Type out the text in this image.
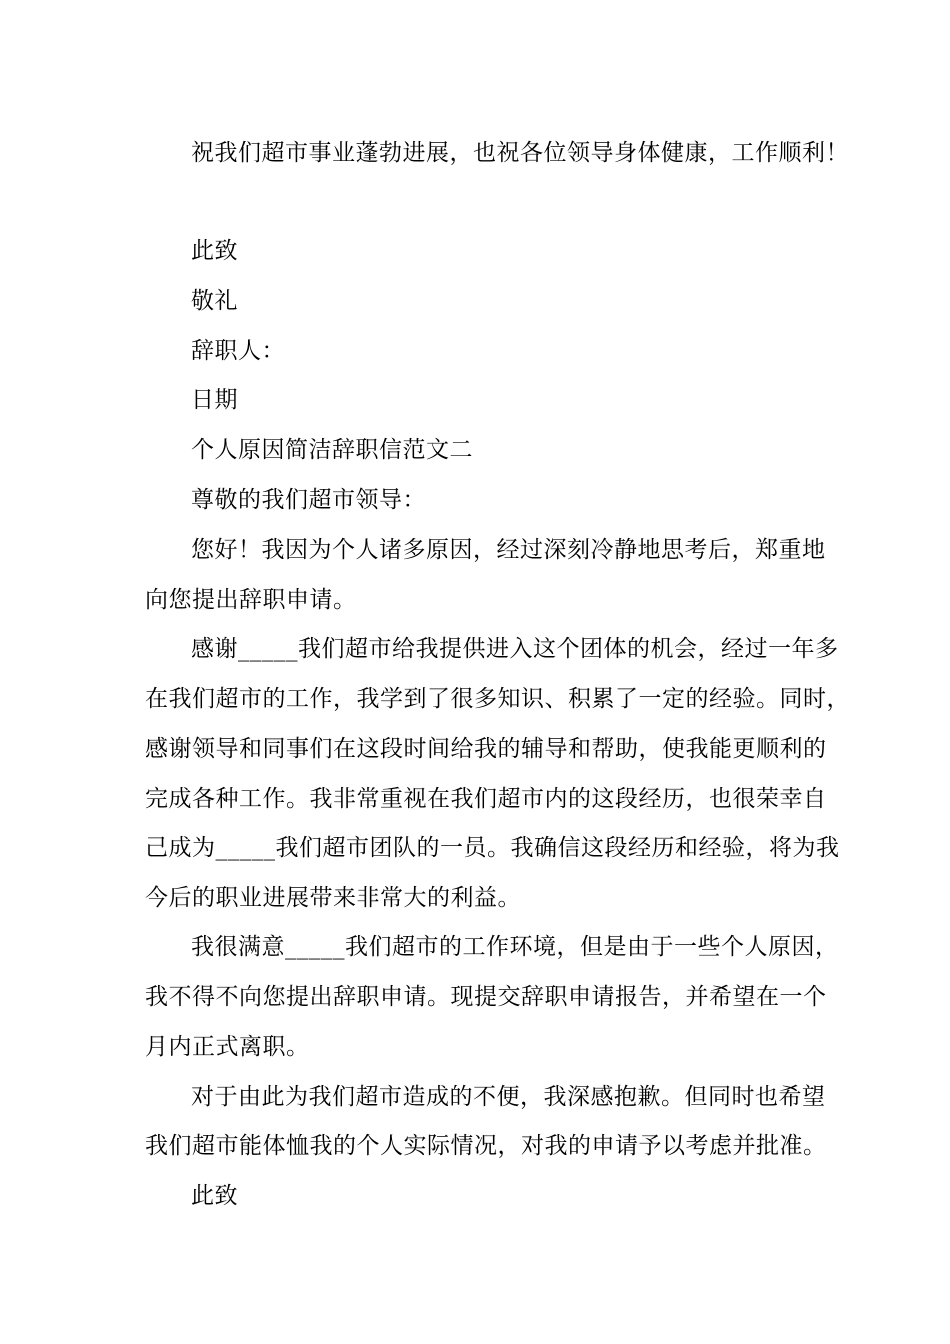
祝我们超市事业蓬勃进展，也祝各位领导身体健康，工作顺利！
此致
敬礼
辞职人：
日期
个人原因简洁辞职信范文二
尊敬的我们超市领导：
您好！我因为个人诸多原因，经过深刻冷静地思考后，郑重地
向您提出辞职申请。
感谢_____我们超市给我提供进入这个团体的机会，经过一年多
在我们超市的工作，我学到了很多知识、积累了一定的经验。同时，
感谢领导和同事们在这段时间给我的辅导和帮助，使我能更顺利的
完成各种工作。我非常重视在我们超市内的这段经历，也很荣幸自
己成为_____我们超市团队的一员。我确信这段经历和经验，将为我
今后的职业进展带来非常大的利益。
我很满意_____我们超市的工作环境，但是由于一些个人原因，
我不得不向您提出辞职申请。现提交辞职申请报告，并希望在一个
月内正式离职。
对于由此为我们超市造成的不便，我深感抱歉。但同时也希望
我们超市能体恤我的个人实际情况，对我的申请予以考虑并批准。
此致
